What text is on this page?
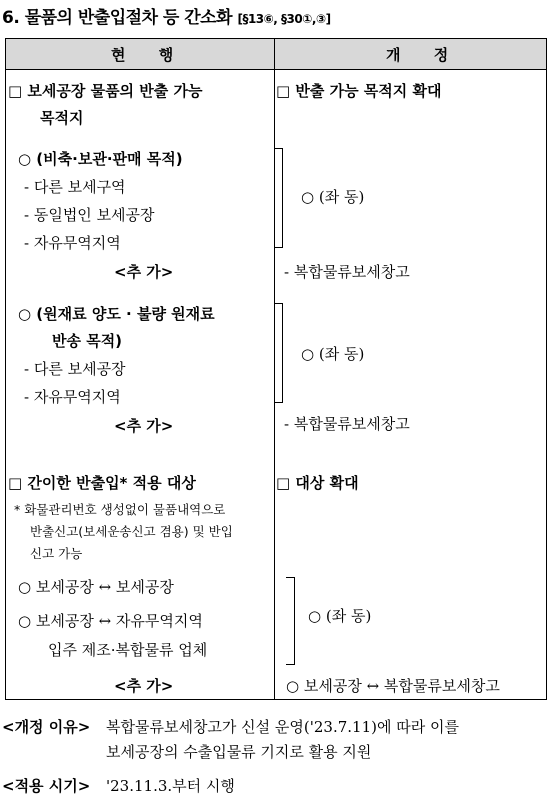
6. 물품의 반출입절차 등 간소화 [§13⑥, §30①,③]
현 행	개 정
□ 보세공장 물품의 반출 가능
목적지
○ (비축·보관·판매 목적)
- 다른 보세구역
- 동일법인 보세공장
- 자유무역지역
<추 가>
○ (원재료 양도 · 불량 원재료
반송 목적)
- 다른 보세공장
- 자유무역지역
<추 가>
□ 반출 가능 목적지 확대
○ (좌 동)
- 복합물류보세창고
○ (좌 동)
- 복합물류보세창고
□ 간이한 반출입* 적용 대상
* 화물관리번호 생성없이 물품내역으로
반출신고(보세운송신고 겸용) 및 반입
신고 가능
○ 보세공장 ↔ 보세공장
○ 보세공장 ↔ 자유무역지역
입주 제조·복합물류 업체
<추 가>
□ 대상 확대
○ (좌 동)
○ 보세공장 ↔ 복합물류보세창고
<개정 이유> 복합물류보세창고가 신설 운영('23.7.11)에 따라 이를
보세공장의 수출입물류 기지로 활용 지원
<적용 시기> '23.11.3.부터 시행
